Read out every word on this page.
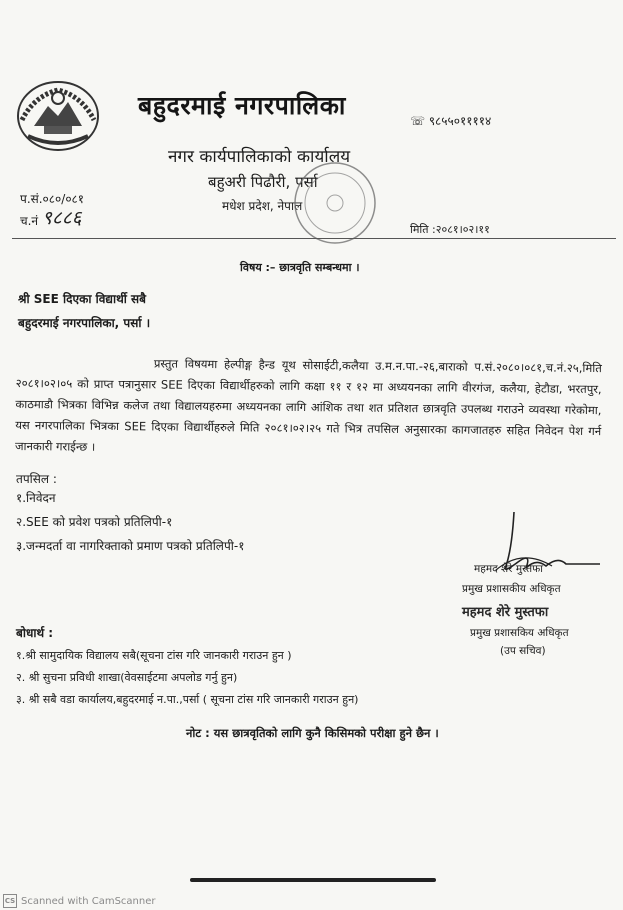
बहुदरमाई नगरपालिका
☏ ९८५५०११११४
नगर कार्यपालिकाको कार्यालय
बहुअरी पिढौरी, पर्सा
मधेश प्रदेश, नेपाल
प.सं.०८०/०८१
च.नं ९८८६
मिति :२०८१।०२।११
विषय :– छात्रवृति सम्बन्धमा ।
श्री SEE दिएका विद्यार्थी सबै
बहुदरमाई नगरपालिका, पर्सा ।
प्रस्तुत विषयमा हेल्पीङ्ग हैन्ड यूथ सोसाईटी,कलैया उ.म.न.पा.-२६,बाराको प.सं.२०८०।०८१,च.नं.२५,मिति २०८१।०२।०५ को प्राप्त पत्रानुसार SEE दिएका विद्यार्थीहरुको लागि कक्षा ११ र १२ मा अध्ययनका लागि वीरगंज, कलैया, हेटौडा, भरतपुर, काठमाडौ भित्रका विभिन्न कलेज तथा विद्यालयहरुमा अध्ययनका लागि आंशिक तथा शत प्रतिशत छात्रवृति उपलब्ध गराउने व्यवस्था गरेकोमा, यस नगरपालिका भित्रका SEE दिएका विद्यार्थीहरुले मिति २०८१।०२।२५ गते भित्र तपसिल अनुसारका कागजातहरु सहित निवेदन पेश गर्न जानकारी गराईन्छ ।
तपसिल :
१.निवेदन
२.SEE को प्रवेश पत्रको प्रतिलिपी-१
३.जन्मदर्ता वा नागरिक्ताको प्रमाण पत्रको प्रतिलिपी-१
महमद शेरे मुस्तफा
प्रमुख प्रशासकीय अधिकृत
महमद शेरे मुस्तफा
प्रमुख प्रशासकिय अधिकृत
(उप सचिव)
बोधार्थ :
१.श्री सामुदायिक विद्यालय सबै(सूचना टांस गरि जानकारी गराउन हुन )
२. श्री सुचना प्रविधी शाखा(वेवसाईटमा अपलोड गर्नु हुन)
३. श्री सबै वडा कार्यालय,बहुदरमाई न.पा.,पर्सा ( सूचना टांस गरि जानकारी गराउन हुन)
नोट : यस छात्रवृतिको लागि कुनै किसिमको परीक्षा हुने छैन ।
CS Scanned with CamScanner
